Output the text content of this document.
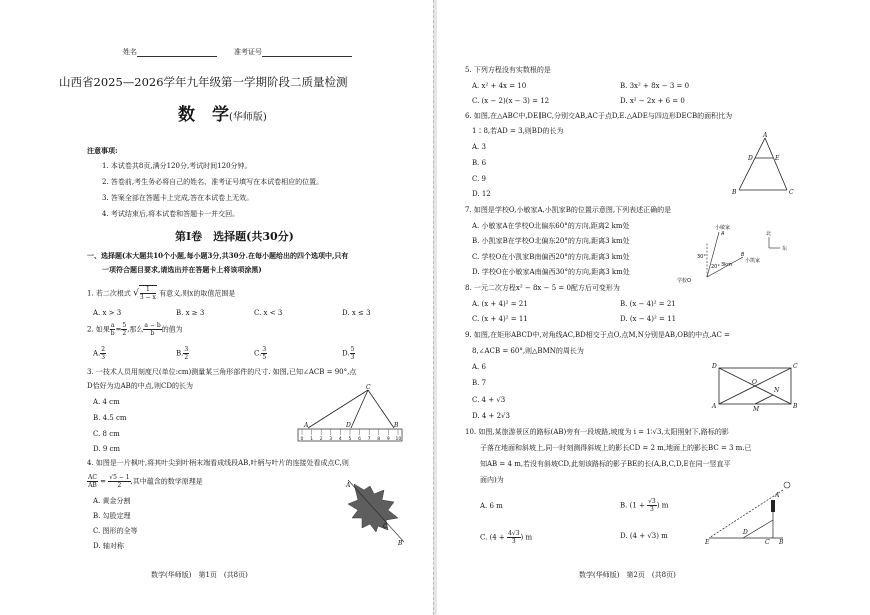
姓名	准考证号
山西省2025—2026学年九年级第一学期阶段二质量检测
数　学(华师版)
注意事项:
1. 本试卷共8页,满分120分,考试时间120分钟。
2. 答卷前,考生务必将自己的姓名、准考证号填写在本试卷相应的位置。
3. 答案全部在答题卡上完成,答在本试卷上无效。
4. 考试结束后,将本试卷和答题卡一并交回。
第Ⅰ卷　选择题(共30分)
一、选择题(本大题共10个小题,每小题3分,共30分.在每小题给出的四个选项中,只有
一项符合题目要求,请选出并在答题卡上将该项涂黑)
1. 若二次根式 √ $\frac{1}{3 - x}$ 有意义,则x的取值范围是
A. x > 3	B. x ≥ 3	C. x < 3	D. x ≤ 3
2. 如果 $\frac{a}{b} = \frac{5}{2}$ ,那么 $\frac{a - b}{b}$ 的值为
A. $\frac{2}{3}$	B. $\frac{3}{2}$	C. $\frac{3}{5}$	D. $\frac{5}{3}$
3. 一技术人员用刻度尺(单位:cm)测量某三角形部件的尺寸. 如图,已知∠ACB = 90°,点
D恰好为边AB的中点,则CD的长为
A. 4 cm
B. 4.5 cm
C. 8 cm
D. 9 cm
0 1 2 3 4 5 6 7 8 9 10
C
A	D	B
4. 如图是一片枫叶,将其叶尖到叶柄末端看成线段AB,叶柄与叶片的连接处看成点C,则
$\frac{AC}{AB} = \frac{√5 - 1}{2}$ ,其中蕴含的数学原理是
A. 黄金分割
B. 勾股定理
C. 图形的全等
D. 轴对称
A
C
B
数学(华师版)　第1页　(共8页)
5. 下列方程没有实数根的是
A. x² + 4x = 10	B. 3x² + 8x − 3 = 0
C. (x − 2)(x − 3) = 12	D. x² − 2x + 6 = 0
6. 如图,在△ABC中,DE∥BC,分别交AB,AC于点D,E.△ADE与四边形DECB的面积比为
1∶8,若AD = 3,则BD的长为
A. 3
B. 6
C. 9
D. 12
A
D	E
B	C
7. 如图是学校O,小敏家A,小凯家B的位置示意图,下列表述正确的是
A. 小敏家A在学校O北偏东60°的方向,距离2 km处
B. 小凯家B在学校O北偏东20°的方向,距离3 km处
C. 学校O在小凯家B南偏西20°的方向,距离3 km处
D. 学校O在小敏家A南偏西30°的方向,距离3 km处
小敏家
A	北
东
小凯家
B
学校O
30°
20° 3km
8. 一元二次方程x² − 8x − 5 = 0配方后可变形为
A. (x + 4)² = 21	B. (x − 4)² = 21
C. (x + 4)² = 11	D. (x − 4)² = 11
9. 如图,在矩形ABCD中,对角线AC,BD相交于点O,点M,N分别是AB,OB的中点,AC =
8,∠ACB = 60°,则△BMN的周长为
A. 6
B. 7
C. 4 + √3
D. 4 + 2√3
D	C
O
N
A	M	B
10. 如图,某旅游景区的路标(AB)旁有一段坡路,坡度为 i = 1∶√3,太阳照射下,路标的影
子落在地面和斜坡上,同一时刻测得斜坡上的影长CD = 2 m,地面上的影长BC = 3 m.已
知AB = 4 m,若没有斜坡CD,此刻该路标的影子BE的长(A,B,C,D,E在同一竖直平
面内)为
A. 6 m	B. ($1 + \frac{√3}{3}$ ) m
C. ($4 + \frac{4√3}{3}$ ) m	D. (4 + √3) m
A
E
D
C B
数学(华师版)　第2页　(共8页)
